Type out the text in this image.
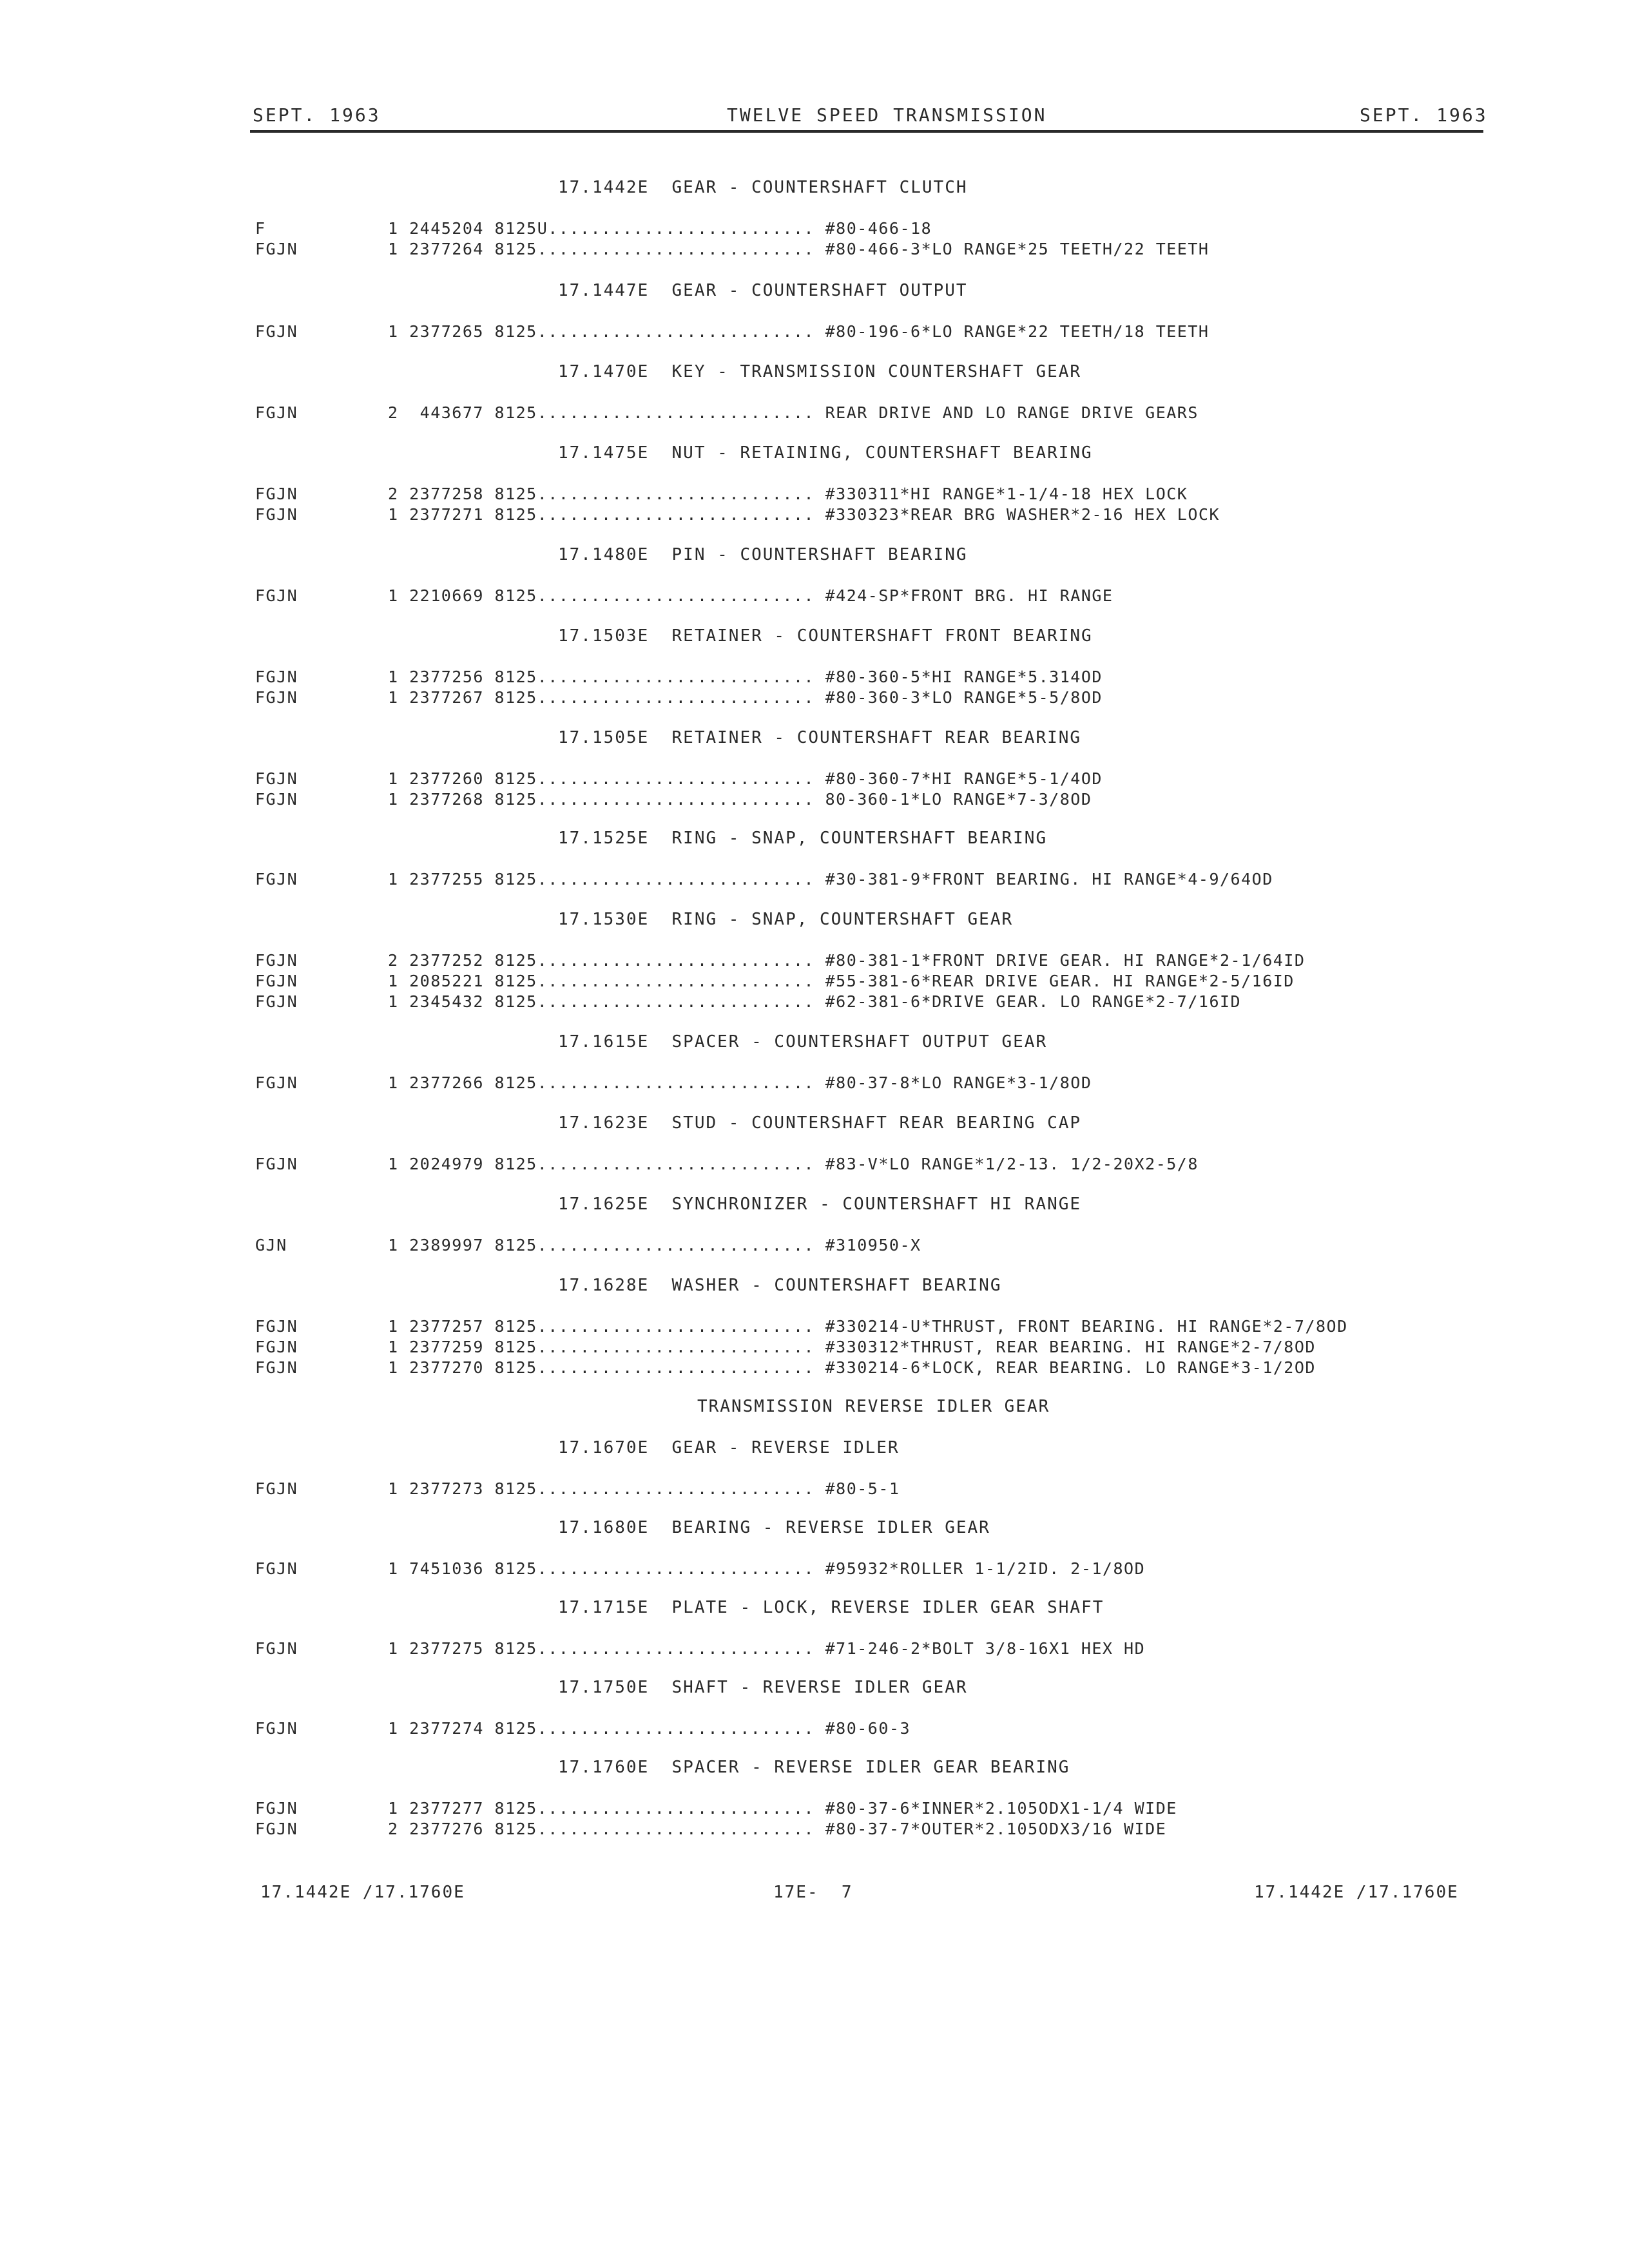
SEPT. 1963	TWELVE SPEED TRANSMISSION	SEPT. 1963
17.1442E  GEAR - COUNTERSHAFT CLUTCH
F	1 2445204 8125U......................... #80-466-18
FGJN	1 2377264 8125.......................... #80-466-3*LO RANGE*25 TEETH/22 TEETH
17.1447E  GEAR - COUNTERSHAFT OUTPUT
FGJN	1 2377265 8125.......................... #80-196-6*LO RANGE*22 TEETH/18 TEETH
17.1470E  KEY - TRANSMISSION COUNTERSHAFT GEAR
FGJN	2  443677 8125.......................... REAR DRIVE AND LO RANGE DRIVE GEARS
17.1475E  NUT - RETAINING, COUNTERSHAFT BEARING
FGJN	2 2377258 8125.......................... #330311*HI RANGE*1-1/4-18 HEX LOCK
FGJN	1 2377271 8125.......................... #330323*REAR BRG WASHER*2-16 HEX LOCK
17.1480E  PIN - COUNTERSHAFT BEARING
FGJN	1 2210669 8125.......................... #424-SP*FRONT BRG. HI RANGE
17.1503E  RETAINER - COUNTERSHAFT FRONT BEARING
FGJN	1 2377256 8125.......................... #80-360-5*HI RANGE*5.314OD
FGJN	1 2377267 8125.......................... #80-360-3*LO RANGE*5-5/8OD
17.1505E  RETAINER - COUNTERSHAFT REAR BEARING
FGJN	1 2377260 8125.......................... #80-360-7*HI RANGE*5-1/4OD
FGJN	1 2377268 8125.......................... 80-360-1*LO RANGE*7-3/8OD
17.1525E  RING - SNAP, COUNTERSHAFT BEARING
FGJN	1 2377255 8125.......................... #30-381-9*FRONT BEARING. HI RANGE*4-9/64OD
17.1530E  RING - SNAP, COUNTERSHAFT GEAR
FGJN	2 2377252 8125.......................... #80-381-1*FRONT DRIVE GEAR. HI RANGE*2-1/64ID
FGJN	1 2085221 8125.......................... #55-381-6*REAR DRIVE GEAR. HI RANGE*2-5/16ID
FGJN	1 2345432 8125.......................... #62-381-6*DRIVE GEAR. LO RANGE*2-7/16ID
17.1615E  SPACER - COUNTERSHAFT OUTPUT GEAR
FGJN	1 2377266 8125.......................... #80-37-8*LO RANGE*3-1/8OD
17.1623E  STUD - COUNTERSHAFT REAR BEARING CAP
FGJN	1 2024979 8125.......................... #83-V*LO RANGE*1/2-13. 1/2-20X2-5/8
17.1625E  SYNCHRONIZER - COUNTERSHAFT HI RANGE
GJN	1 2389997 8125.......................... #310950-X
17.1628E  WASHER - COUNTERSHAFT BEARING
FGJN	1 2377257 8125.......................... #330214-U*THRUST, FRONT BEARING. HI RANGE*2-7/8OD
FGJN	1 2377259 8125.......................... #330312*THRUST, REAR BEARING. HI RANGE*2-7/8OD
FGJN	1 2377270 8125.......................... #330214-6*LOCK, REAR BEARING. LO RANGE*3-1/2OD
TRANSMISSION REVERSE IDLER GEAR
17.1670E  GEAR - REVERSE IDLER
FGJN	1 2377273 8125.......................... #80-5-1
17.1680E  BEARING - REVERSE IDLER GEAR
FGJN	1 7451036 8125.......................... #95932*ROLLER 1-1/2ID. 2-1/8OD
17.1715E  PLATE - LOCK, REVERSE IDLER GEAR SHAFT
FGJN	1 2377275 8125.......................... #71-246-2*BOLT 3/8-16X1 HEX HD
17.1750E  SHAFT - REVERSE IDLER GEAR
FGJN	1 2377274 8125.......................... #80-60-3
17.1760E  SPACER - REVERSE IDLER GEAR BEARING
FGJN	1 2377277 8125.......................... #80-37-6*INNER*2.105ODX1-1/4 WIDE
FGJN	2 2377276 8125.......................... #80-37-7*OUTER*2.105ODX3/16 WIDE
17.1442E /17.1760E	17E-  7	17.1442E /17.1760E
